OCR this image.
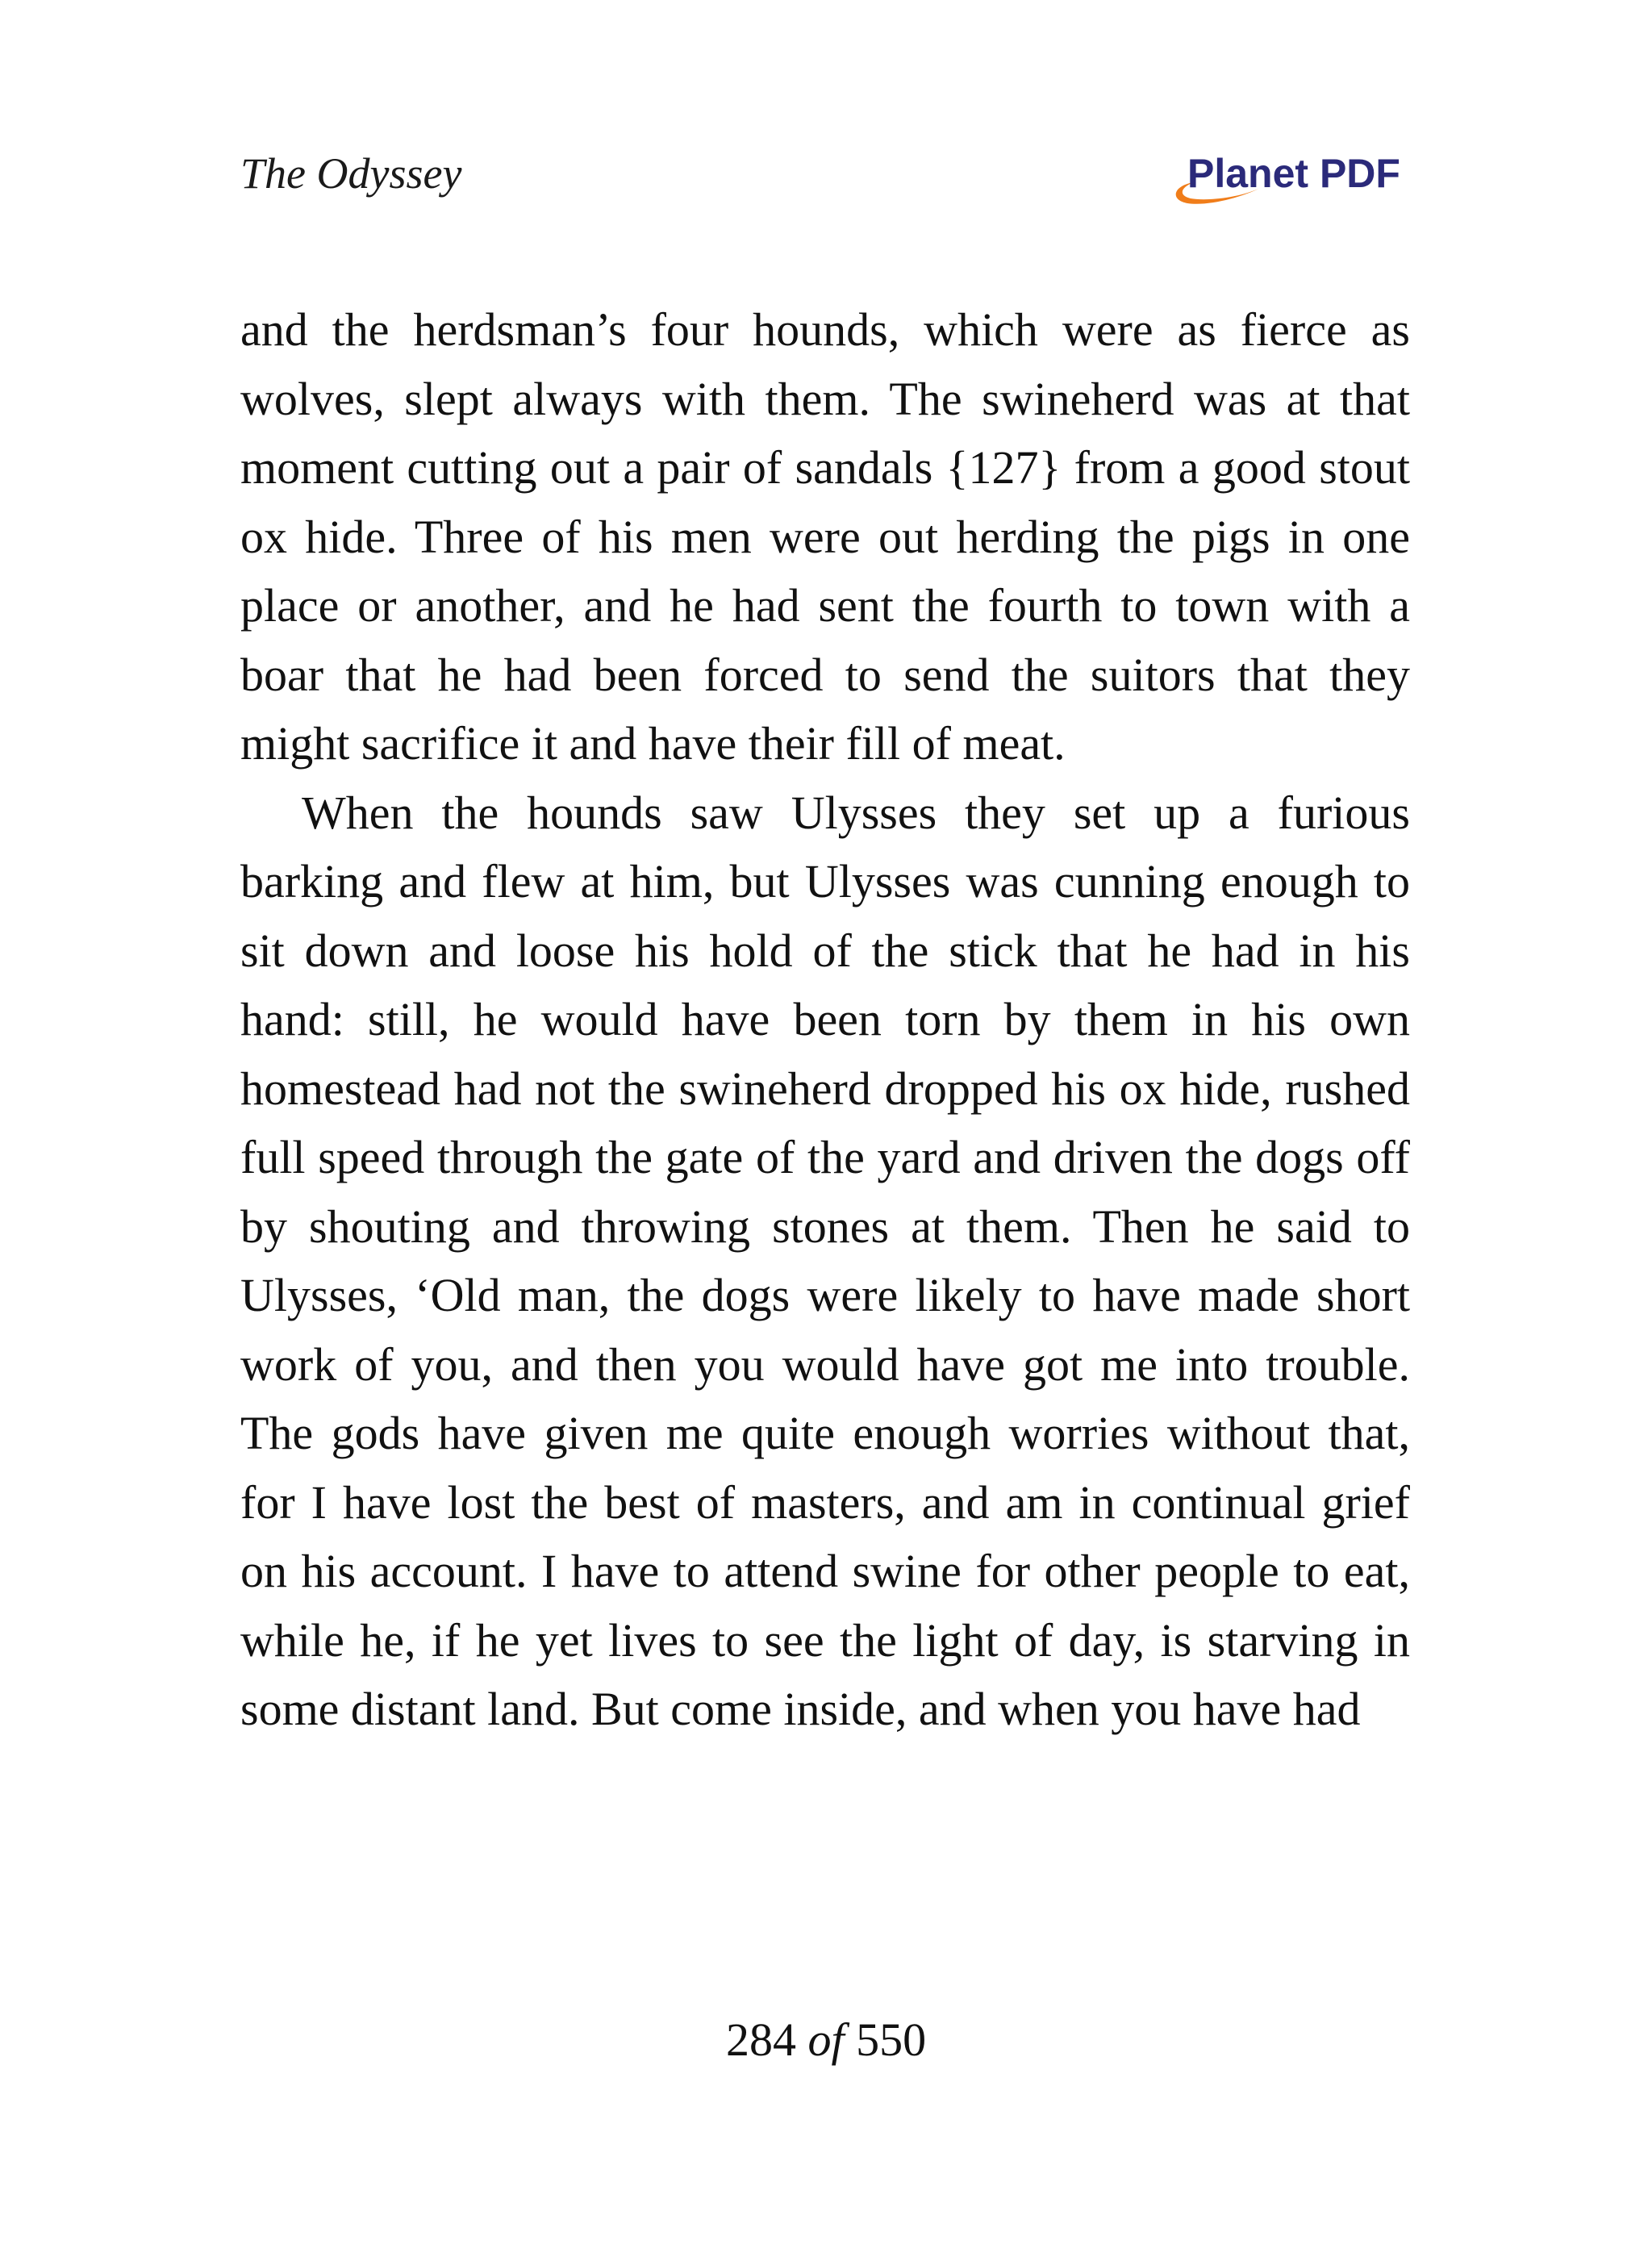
The Odyssey	Planet PDF

and the herdsman’s four hounds, which were as fierce as wolves, slept always with them. The swineherd was at that moment cutting out a pair of sandals {127} from a good stout ox hide. Three of his men were out herding the pigs in one place or another, and he had sent the fourth to town with a boar that he had been forced to send the suitors that they might sacrifice it and have their fill of meat.

When the hounds saw Ulysses they set up a furious barking and flew at him, but Ulysses was cunning enough to sit down and loose his hold of the stick that he had in his hand: still, he would have been torn by them in his own homestead had not the swineherd dropped his ox hide, rushed full speed through the gate of the yard and driven the dogs off by shouting and throwing stones at them. Then he said to Ulysses, ‘Old man, the dogs were likely to have made short work of you, and then you would have got me into trouble. The gods have given me quite enough worries without that, for I have lost the best of masters, and am in continual grief on his account. I have to attend swine for other people to eat, while he, if he yet lives to see the light of day, is starving in some distant land. But come inside, and when you have had

284 of 550
